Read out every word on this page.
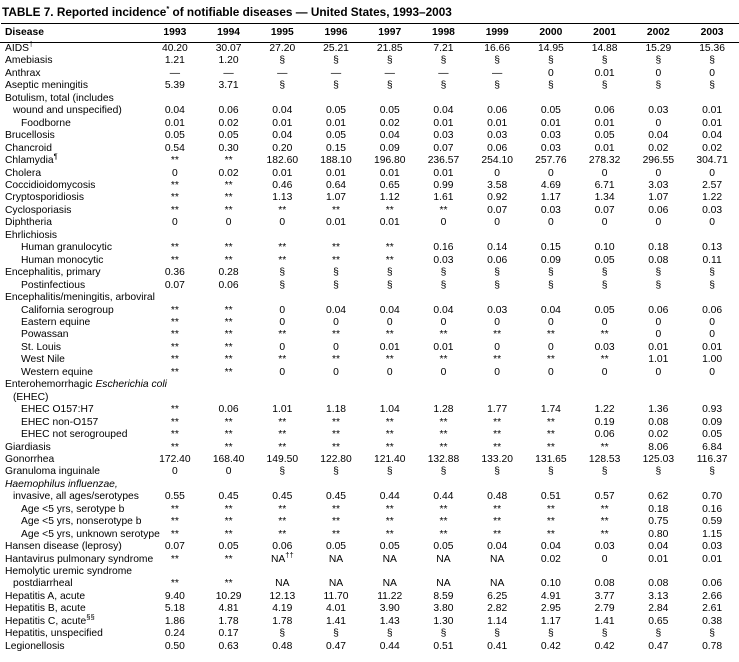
TABLE 7. Reported incidence* of notifiable diseases — United States, 1993–2003
Disease	1993	1994	1995	1996	1997	1998	1999	2000	2001	2002	2003
AIDS†	40.20	30.07	27.20	25.21	21.85	7.21	16.66	14.95	14.88	15.29	15.36
Amebiasis	1.21	1.20	§	§	§	§	§	§	§	§	§
Anthrax	—	—	—	—	—	—	—	0	0.01	0	0
Aseptic meningitis	5.39	3.71	§	§	§	§	§	§	§	§	§
Botulism, total (includes											
wound and unspecified)	0.04	0.06	0.04	0.05	0.05	0.04	0.06	0.05	0.06	0.03	0.01
Foodborne	0.01	0.02	0.01	0.01	0.02	0.01	0.01	0.01	0.01	0	0.01
Brucellosis	0.05	0.05	0.04	0.05	0.04	0.03	0.03	0.03	0.05	0.04	0.04
Chancroid	0.54	0.30	0.20	0.15	0.09	0.07	0.06	0.03	0.01	0.02	0.02
Chlamydia¶	**	**	182.60	188.10	196.80	236.57	254.10	257.76	278.32	296.55	304.71
Cholera	0	0.02	0.01	0.01	0.01	0.01	0	0	0	0	0
Coccidioidomycosis	**	**	0.46	0.64	0.65	0.99	3.58	4.69	6.71	3.03	2.57
Cryptosporidiosis	**	**	1.13	1.07	1.12	1.61	0.92	1.17	1.34	1.07	1.22
Cyclosporiasis	**	**	**	**	**	**	0.07	0.03	0.07	0.06	0.03
Diphtheria	0	0	0	0.01	0.01	0	0	0	0	0	0
Ehrlichiosis											
Human granulocytic	**	**	**	**	**	0.16	0.14	0.15	0.10	0.18	0.13
Human monocytic	**	**	**	**	**	0.03	0.06	0.09	0.05	0.08	0.11
Encephalitis, primary	0.36	0.28	§	§	§	§	§	§	§	§	§
Postinfectious	0.07	0.06	§	§	§	§	§	§	§	§	§
Encephalitis/meningitis, arboviral											
California serogroup	**	**	0	0.04	0.04	0.04	0.03	0.04	0.05	0.06	0.06
Eastern equine	**	**	0	0	0	0	0	0	0	0	0
Powassan	**	**	**	**	**	**	**	**	**	0	0
St. Louis	**	**	0	0	0.01	0.01	0	0	0.03	0.01	0.01
West Nile	**	**	**	**	**	**	**	**	**	1.01	1.00
Western equine	**	**	0	0	0	0	0	0	0	0	0
Enterohemorrhagic Escherichia coli											
(EHEC)											
EHEC O157:H7	**	0.06	1.01	1.18	1.04	1.28	1.77	1.74	1.22	1.36	0.93
EHEC non-O157	**	**	**	**	**	**	**	**	0.19	0.08	0.09
EHEC not serogrouped	**	**	**	**	**	**	**	**	0.06	0.02	0.05
Giardiasis	**	**	**	**	**	**	**	**	**	8.06	6.84
Gonorrhea	172.40	168.40	149.50	122.80	121.40	132.88	133.20	131.65	128.53	125.03	116.37
Granuloma inguinale	0	0	§	§	§	§	§	§	§	§	§
Haemophilus influenzae,											
invasive, all ages/serotypes	0.55	0.45	0.45	0.45	0.44	0.44	0.48	0.51	0.57	0.62	0.70
Age <5 yrs, serotype b	**	**	**	**	**	**	**	**	**	0.18	0.16
Age <5 yrs, nonserotype b	**	**	**	**	**	**	**	**	**	0.75	0.59
Age <5 yrs, unknown serotype	**	**	**	**	**	**	**	**	**	0.80	1.15
Hansen disease (leprosy)	0.07	0.05	0.06	0.05	0.05	0.05	0.04	0.04	0.03	0.04	0.03
Hantavirus pulmonary syndrome	**	**	NA††	NA	NA	NA	NA	0.02	0	0.01	0.01
Hemolytic uremic syndrome											
postdiarrheal	**	**	NA	NA	NA	NA	NA	0.10	0.08	0.08	0.06
Hepatitis A, acute	9.40	10.29	12.13	11.70	11.22	8.59	6.25	4.91	3.77	3.13	2.66
Hepatitis B, acute	5.18	4.81	4.19	4.01	3.90	3.80	2.82	2.95	2.79	2.84	2.61
Hepatitis C, acute§§	1.86	1.78	1.78	1.41	1.43	1.30	1.14	1.17	1.41	0.65	0.38
Hepatitis, unspecified	0.24	0.17	§	§	§	§	§	§	§	§	§
Legionellosis	0.50	0.63	0.48	0.47	0.44	0.51	0.41	0.42	0.42	0.47	0.78
